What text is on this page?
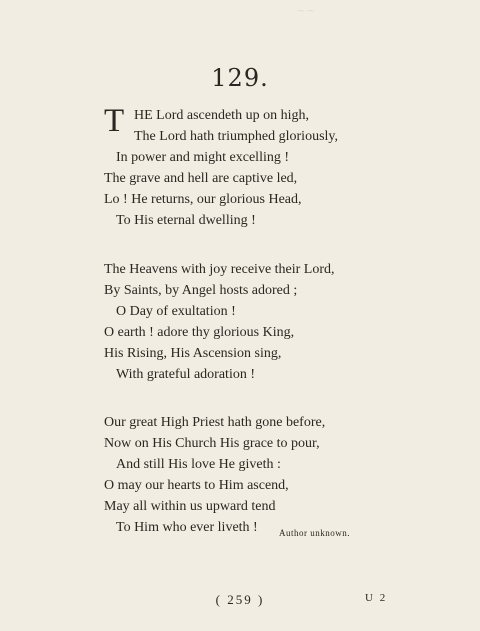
~~
129.
T HE Lord ascendeth up on high,
The Lord hath triumphed gloriously,
In power and might excelling !
The grave and hell are captive led,
Lo ! He returns, our glorious Head,
To His eternal dwelling !
The Heavens with joy receive their Lord,
By Saints, by Angel hosts adored ;
O Day of exultation !
O earth ! adore thy glorious King,
His Rising, His Ascension sing,
With grateful adoration !
Our great High Priest hath gone before,
Now on His Church His grace to pour,
And still His love He giveth :
O may our hearts to Him ascend,
May all within us upward tend
To Him who ever liveth !	Author unknown.
( 259 )	U 2
